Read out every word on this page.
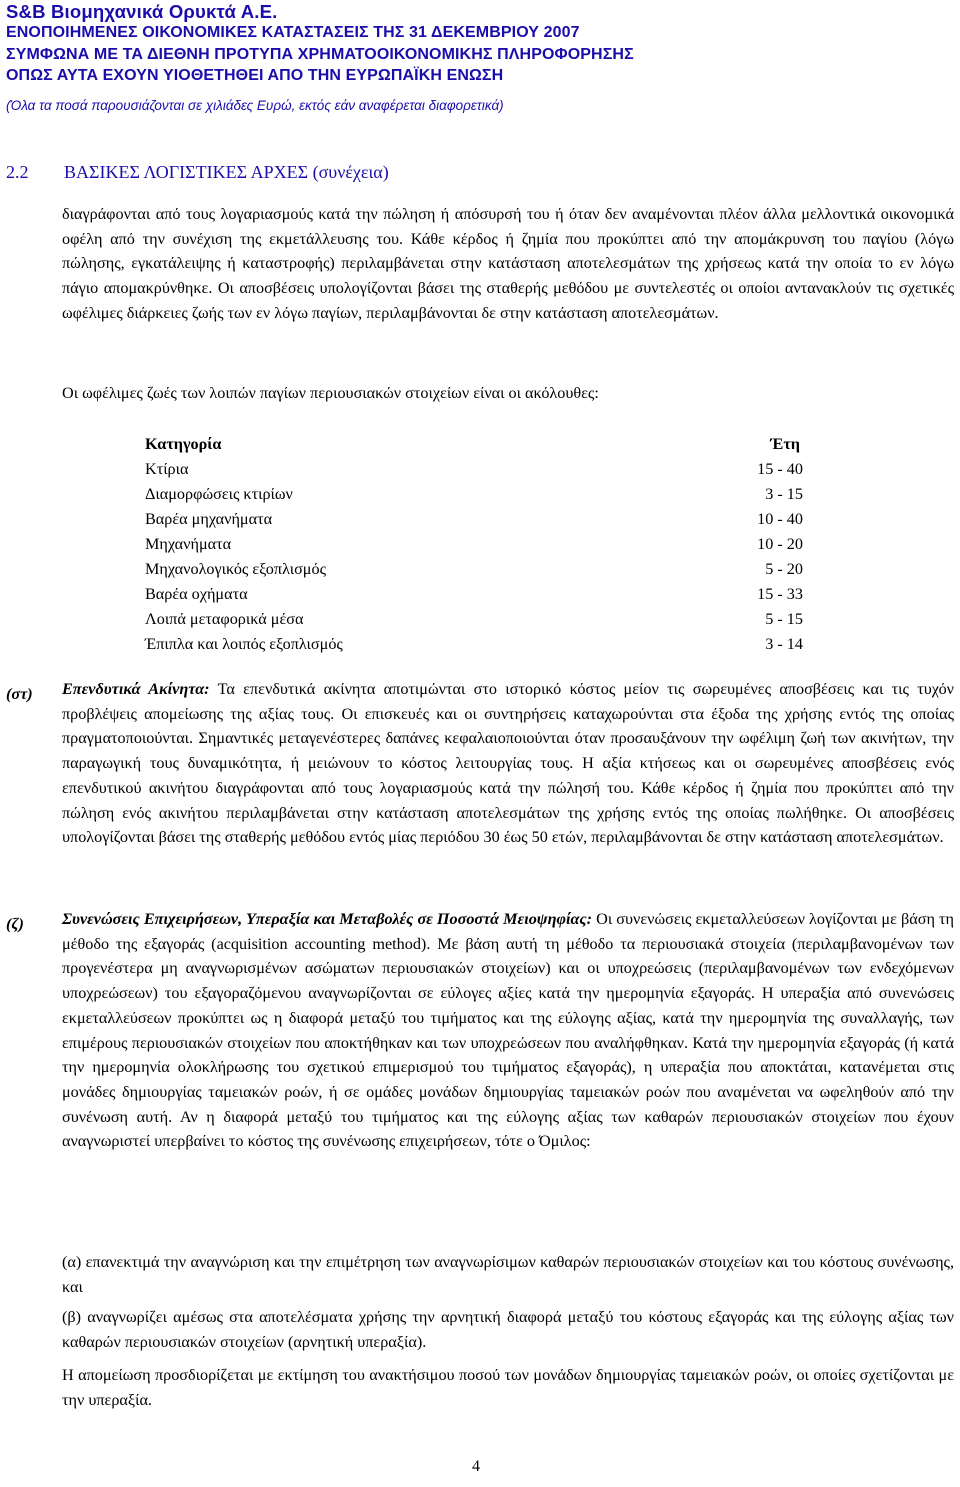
S&B Βιομηχανικά Ορυκτά Α.Ε.
ΕΝΟΠΟΙΗΜΕΝΕΣ ΟΙΚΟΝΟΜΙΚΕΣ ΚΑΤΑΣΤΑΣΕΙΣ ΤΗΣ 31 ΔΕΚΕΜΒΡΙΟΥ 2007
ΣΥΜΦΩΝΑ ΜΕ ΤΑ ΔΙΕΘΝΗ ΠΡΟΤΥΠΑ ΧΡΗΜΑΤΟΟΙΚΟΝΟΜΙΚΗΣ ΠΛΗΡΟΦΟΡΗΣΗΣ
ΟΠΩΣ ΑΥΤΑ ΕΧΟΥΝ ΥΙΟΘΕΤΗΘΕΙ ΑΠΟ ΤΗΝ ΕΥΡΩΠΑΪΚΗ ΕΝΩΣΗ
(Όλα τα ποσά παρουσιάζονται σε χιλιάδες Ευρώ, εκτός εάν αναφέρεται διαφορετικά)
2.2 ΒΑΣΙΚΕΣ ΛΟΓΙΣΤΙΚΕΣ ΑΡΧΕΣ (συνέχεια)
διαγράφονται από τους λογαριασμούς κατά την πώληση ή απόσυρσή του ή όταν δεν αναμένονται πλέον άλλα μελλοντικά οικονομικά οφέλη από την συνέχιση της εκμετάλλευσης του. Κάθε κέρδος ή ζημία που προκύπτει από την απομάκρυνση του παγίου (λόγω πώλησης, εγκατάλειψης ή καταστροφής) περιλαμβάνεται στην κατάσταση αποτελεσμάτων της χρήσεως κατά την οποία το εν λόγω πάγιο απομακρύνθηκε. Οι αποσβέσεις υπολογίζονται βάσει της σταθερής μεθόδου με συντελεστές οι οποίοι αντανακλούν τις σχετικές ωφέλιμες διάρκειες ζωής των εν λόγω παγίων, περιλαμβάνονται δε στην κατάσταση αποτελεσμάτων.
Οι ωφέλιμες ζωές των λοιπών παγίων περιουσιακών στοιχείων είναι οι ακόλουθες:
Κατηγορία	Έτη
Κτίρια	15 - 40
Διαμορφώσεις κτιρίων	3 - 15
Βαρέα μηχανήματα	10 - 40
Μηχανήματα	10 - 20
Μηχανολογικός εξοπλισμός	5 - 20
Βαρέα οχήματα	15 - 33
Λοιπά μεταφορικά μέσα	5 - 15
Έπιπλα και λοιπός εξοπλισμός	3 - 14
(στ) Επενδυτικά Ακίνητα: Τα επενδυτικά ακίνητα αποτιμώνται στο ιστορικό κόστος μείον τις σωρευμένες αποσβέσεις και τις τυχόν προβλέψεις απομείωσης της αξίας τους. Οι επισκευές και οι συντηρήσεις καταχωρούνται στα έξοδα της χρήσης εντός της οποίας πραγματοποιούνται. Σημαντικές μεταγενέστερες δαπάνες κεφαλαιοποιούνται όταν προσαυξάνουν την ωφέλιμη ζωή των ακινήτων, την παραγωγική τους δυναμικότητα, ή μειώνουν το κόστος λειτουργίας τους. Η αξία κτήσεως και οι σωρευμένες αποσβέσεις ενός επενδυτικού ακινήτου διαγράφονται από τους λογαριασμούς κατά την πώλησή του. Κάθε κέρδος ή ζημία που προκύπτει από την πώληση ενός ακινήτου περιλαμβάνεται στην κατάσταση αποτελεσμάτων της χρήσης εντός της οποίας πωλήθηκε. Οι αποσβέσεις υπολογίζονται βάσει της σταθερής μεθόδου εντός μίας περιόδου 30 έως 50 ετών, περιλαμβάνονται δε στην κατάσταση αποτελεσμάτων.
(ζ) Συνενώσεις Επιχειρήσεων, Υπεραξία και Μεταβολές σε Ποσοστά Μειοψηφίας: Οι συνενώσεις εκμεταλλεύσεων λογίζονται με βάση τη μέθοδο της εξαγοράς (acquisition accounting method). Με βάση αυτή τη μέθοδο τα περιουσιακά στοιχεία (περιλαμβανομένων των προγενέστερα μη αναγνωρισμένων ασώματων περιουσιακών στοιχείων) και οι υποχρεώσεις (περιλαμβανομένων των ενδεχόμενων υποχρεώσεων) του εξαγοραζόμενου αναγνωρίζονται σε εύλογες αξίες κατά την ημερομηνία εξαγοράς. Η υπεραξία από συνενώσεις εκμεταλλεύσεων προκύπτει ως η διαφορά μεταξύ του τιμήματος και της εύλογης αξίας, κατά την ημερομηνία της συναλλαγής, των επιμέρους περιουσιακών στοιχείων που αποκτήθηκαν και των υποχρεώσεων που αναλήφθηκαν. Κατά την ημερομηνία εξαγοράς (ή κατά την ημερομηνία ολοκλήρωσης του σχετικού επιμερισμού του τιμήματος εξαγοράς), η υπεραξία που αποκτάται, κατανέμεται στις μονάδες δημιουργίας ταμειακών ροών, ή σε ομάδες μονάδων δημιουργίας ταμειακών ροών που αναμένεται να ωφεληθούν από την συνένωση αυτή. Αν η διαφορά μεταξύ του τιμήματος και της εύλογης αξίας των καθαρών περιουσιακών στοιχείων που έχουν αναγνωριστεί υπερβαίνει το κόστος της συνένωσης επιχειρήσεων, τότε ο Όμιλος:
(α) επανεκτιμά την αναγνώριση και την επιμέτρηση των αναγνωρίσιμων καθαρών περιουσιακών στοιχείων και του κόστους συνένωσης, και
(β) αναγνωρίζει αμέσως στα αποτελέσματα χρήσης την αρνητική διαφορά μεταξύ του κόστους εξαγοράς και της εύλογης αξίας των καθαρών περιουσιακών στοιχείων (αρνητική υπεραξία).
Η απομείωση προσδιορίζεται με εκτίμηση του ανακτήσιμου ποσού των μονάδων δημιουργίας ταμειακών ροών, οι οποίες σχετίζονται με την υπεραξία.
4
